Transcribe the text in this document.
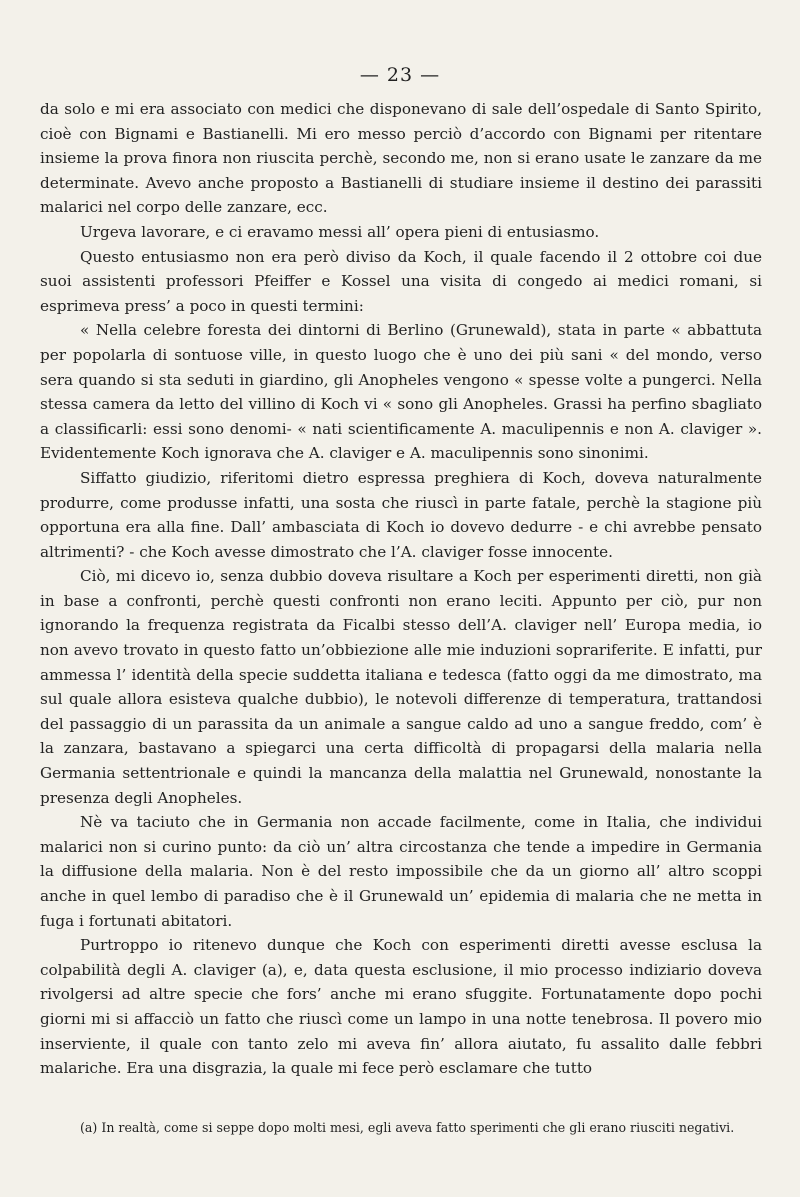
— 23 —

da solo e mi era associato con medici che disponevano di sale dell’ospedale di Santo Spirito, cioè con Bignami e Bastianelli. Mi ero messo perciò d’accordo con Bignami per ritentare insieme la prova finora non riuscita perchè, secondo me, non si erano usate le zanzare da me determinate. Avevo anche proposto a Bastianelli di studiare insieme il destino dei parassiti malarici nel corpo delle zanzare, ecc.

Urgeva lavorare, e ci eravamo messi all’ opera pieni di entusiasmo.

Questo entusiasmo non era però diviso da Koch, il quale facendo il 2 ottobre coi due suoi assistenti professori Pfeiffer e Kossel una visita di congedo ai medici romani, si esprimeva press’ a poco in questi termini:

« Nella celebre foresta dei dintorni di Berlino (Grunewald), stata in parte « abbattuta per popolarla di sontuose ville, in questo luogo che è uno dei più sani « del mondo, verso sera quando si sta seduti in giardino, gli Anopheles vengono « spesse volte a pungerci. Nella stessa camera da letto del villino di Koch vi « sono gli Anopheles. Grassi ha perfino sbagliato a classificarli: essi sono denomi- « nati scientificamente A. maculipennis e non A. claviger ». Evidentemente Koch ignorava che A. claviger e A. maculipennis sono sinonimi.

Siffatto giudizio, riferitomi dietro espressa preghiera di Koch, doveva naturalmente produrre, come produsse infatti, una sosta che riuscì in parte fatale, perchè la stagione più opportuna era alla fine. Dall’ ambasciata di Koch io dovevo dedurre - e chi avrebbe pensato altrimenti? - che Koch avesse dimostrato che l’A. claviger fosse innocente.

Ciò, mi dicevo io, senza dubbio doveva risultare a Koch per esperimenti diretti, non già in base a confronti, perchè questi confronti non erano leciti. Appunto per ciò, pur non ignorando la frequenza registrata da Ficalbi stesso dell’A. claviger nell’ Europa media, io non avevo trovato in questo fatto un’obbiezione alle mie induzioni soprariferite. E infatti, pur ammessa l’ identità della specie suddetta italiana e tedesca (fatto oggi da me dimostrato, ma sul quale allora esisteva qualche dubbio), le notevoli differenze di temperatura, trattandosi del passaggio di un parassita da un animale a sangue caldo ad uno a sangue freddo, com’ è la zanzara, bastavano a spiegarci una certa difficoltà di propagarsi della malaria nella Germania settentrionale e quindi la mancanza della malattia nel Grunewald, nonostante la presenza degli Anopheles.

Nè va taciuto che in Germania non accade facilmente, come in Italia, che individui malarici non si curino punto: da ciò un’ altra circostanza che tende a impedire in Germania la diffusione della malaria. Non è del resto impossibile che da un giorno all’ altro scoppi anche in quel lembo di paradiso che è il Grunewald un’ epidemia di malaria che ne metta in fuga i fortunati abitatori.

Purtroppo io ritenevo dunque che Koch con esperimenti diretti avesse esclusa la colpabilità degli A. claviger (a), e, data questa esclusione, il mio processo indiziario doveva rivolgersi ad altre specie che fors’ anche mi erano sfuggite. Fortunatamente dopo pochi giorni mi si affacciò un fatto che riuscì come un lampo in una notte tenebrosa. Il povero mio inserviente, il quale con tanto zelo mi aveva fin’ allora aiutato, fu assalito dalle febbri malariche. Era una disgrazia, la quale mi fece però esclamare che tutto

(a) In realtà, come si seppe dopo molti mesi, egli aveva fatto sperimenti che gli erano riusciti negativi.
